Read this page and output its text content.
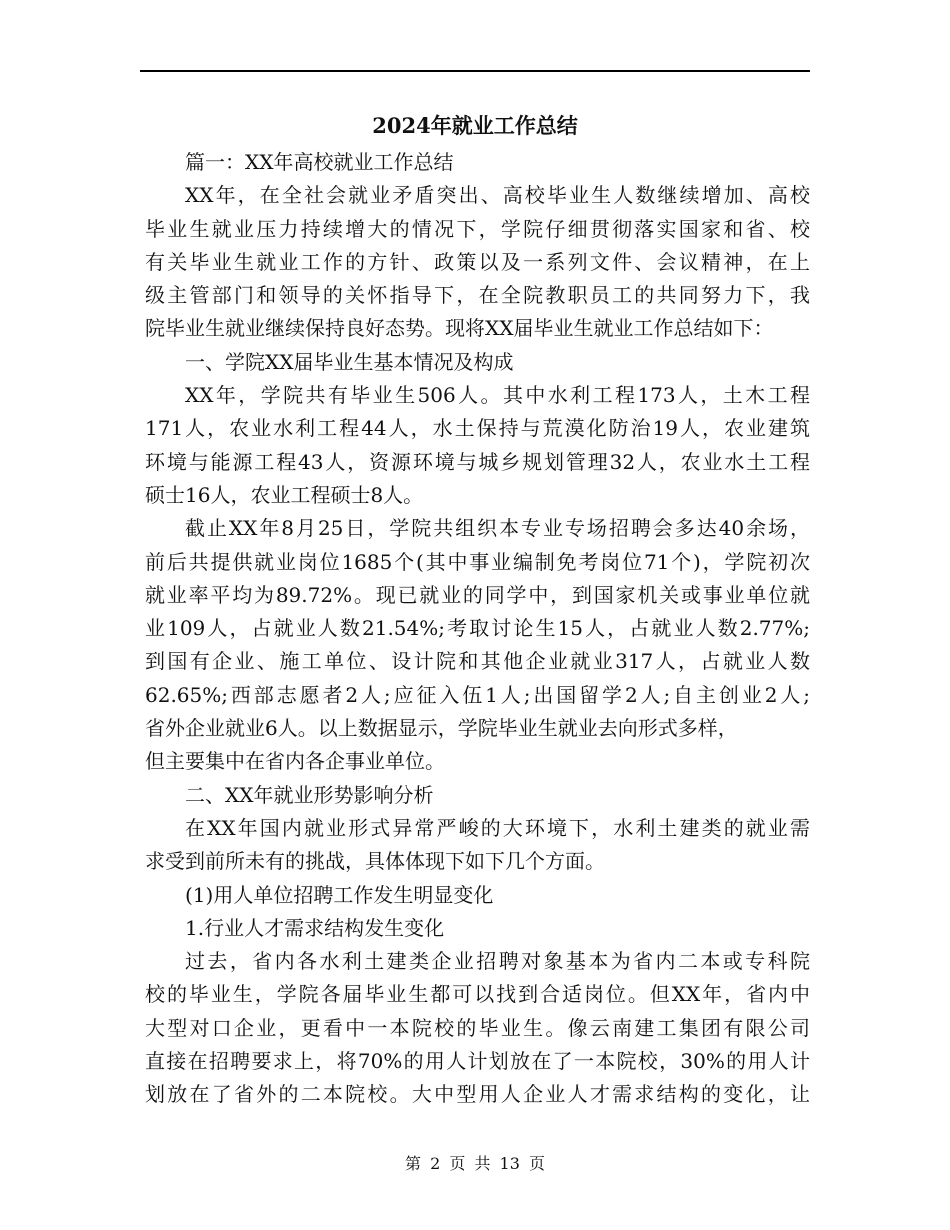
2024年就业工作总结
篇一：XX年高校就业工作总结
XX年，在全社会就业矛盾突出、高校毕业生人数继续增加、高校
毕业生就业压力持续增大的情况下，学院仔细贯彻落实国家和省、校
有关毕业生就业工作的方针、政策以及一系列文件、会议精神，在上
级主管部门和领导的关怀指导下，在全院教职员工的共同努力下，我
院毕业生就业继续保持良好态势。现将XX届毕业生就业工作总结如下：
一、学院XX届毕业生基本情况及构成
XX年，学院共有毕业生506人。其中水利工程173人，土木工程
171人，农业水利工程44人，水土保持与荒漠化防治19人，农业建筑
环境与能源工程43人，资源环境与城乡规划管理32人，农业水土工程
硕士16人，农业工程硕士8人。
截止XX年8月25日，学院共组织本专业专场招聘会多达40余场，
前后共提供就业岗位1685个(其中事业编制免考岗位71个)，学院初次
就业率平均为89.72%。现已就业的同学中，到国家机关或事业单位就
业109人，占就业人数21.54%;考取讨论生15人，占就业人数2.77%;
到国有企业、施工单位、设计院和其他企业就业317人，占就业人数
62.65%;西部志愿者2人;应征入伍1人;出国留学2人;自主创业2人;
省外企业就业6人。以上数据显示，学院毕业生就业去向形式多样，
但主要集中在省内各企事业单位。
二、XX年就业形势影响分析
在XX年国内就业形式异常严峻的大环境下，水利土建类的就业需
求受到前所未有的挑战，具体体现下如下几个方面。
(1)用人单位招聘工作发生明显变化
1.行业人才需求结构发生变化
过去，省内各水利土建类企业招聘对象基本为省内二本或专科院
校的毕业生，学院各届毕业生都可以找到合适岗位。但XX年，省内中
大型对口企业，更看中一本院校的毕业生。像云南建工集团有限公司
直接在招聘要求上，将70%的用人计划放在了一本院校，30%的用人计
划放在了省外的二本院校。大中型用人企业人才需求结构的变化，让
第 2 页 共 13 页
